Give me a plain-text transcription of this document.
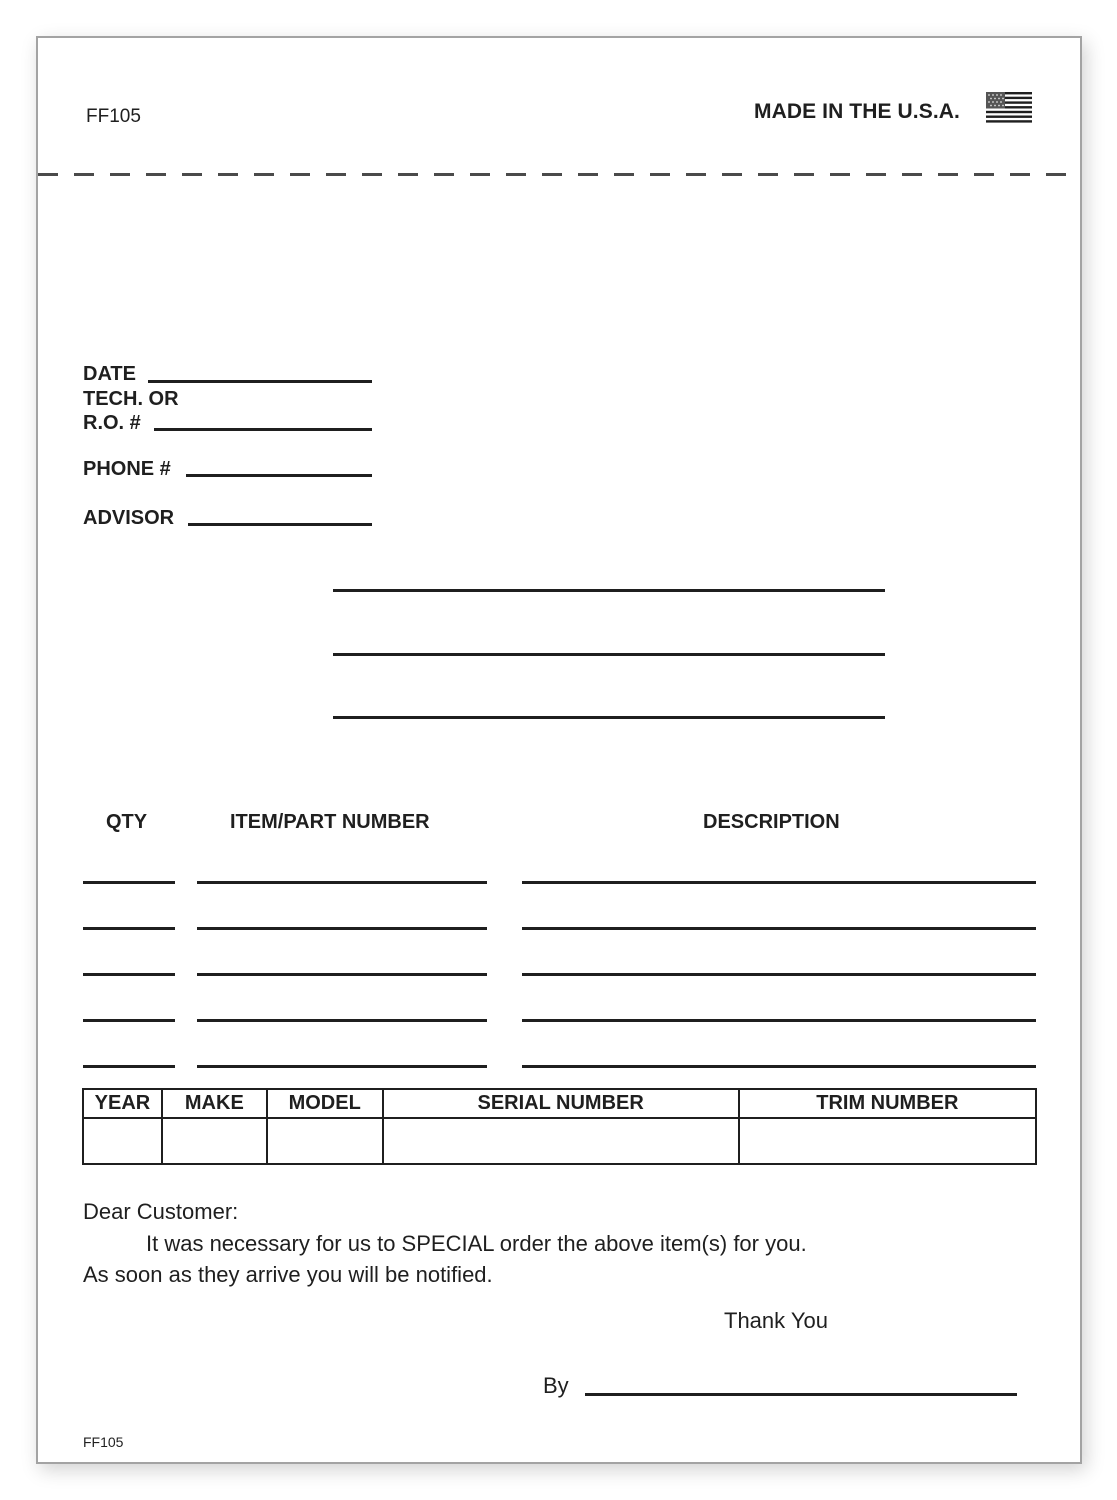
FF105	MADE IN THE U.S.A.
DATE
TECH. OR
R.O. #
PHONE #
ADVISOR
QTY	ITEM/PART NUMBER	DESCRIPTION
YEAR	MAKE	MODEL	SERIAL NUMBER	TRIM NUMBER

Dear Customer:
It was necessary for us to SPECIAL order the above item(s) for you.
As soon as they arrive you will be notified.
Thank You
By
FF105
